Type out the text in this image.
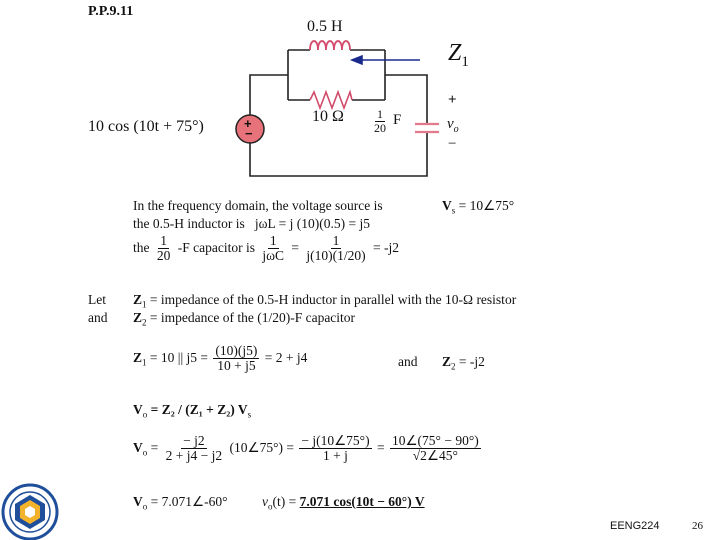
P.P.9.11
+
−
0.5 H
10 Ω
10 cos (10t + 75°)	$\frac{1}{20}$ F
+
$v_o$
−
$Z_1$
In the frequency domain, the voltage source is	$V_s$ = 10∠75°
the 0.5-H inductor is jωL = j (10)(0.5) = j5
the $\frac{1}{20} -F$ capacitor is $\frac{1}{\text{jωC}} = \frac{1}{j(10)(1/20)} = -j2$
Let
and
$Z_1$ = impedance of the 0.5-H inductor in parallel with the 10-Ω resistor
$Z_2$ = impedance of the (1/20)-F capacitor
$Z_1 = 10$ || $j5 = \frac{(10)(j5)}{10 + j5} = 2 + j4$	and $Z_2 = -j2$
$V_o = Z_2 / (Z_1 + Z_2)$ $V_s$
$V_o = \frac{- j2}{2 + j4 - j2}$ (10∠75°) = $\frac{- j(10\angle 75^\circ)}{1 + j} = \frac{10\angle(75^\circ - 90^\circ)}{√2\angle 45^\circ}$
$V_o$ = 7.071∠-60°	$v_o(t) = 7.071$ cos(10t − 60°) V
EENG224	26
